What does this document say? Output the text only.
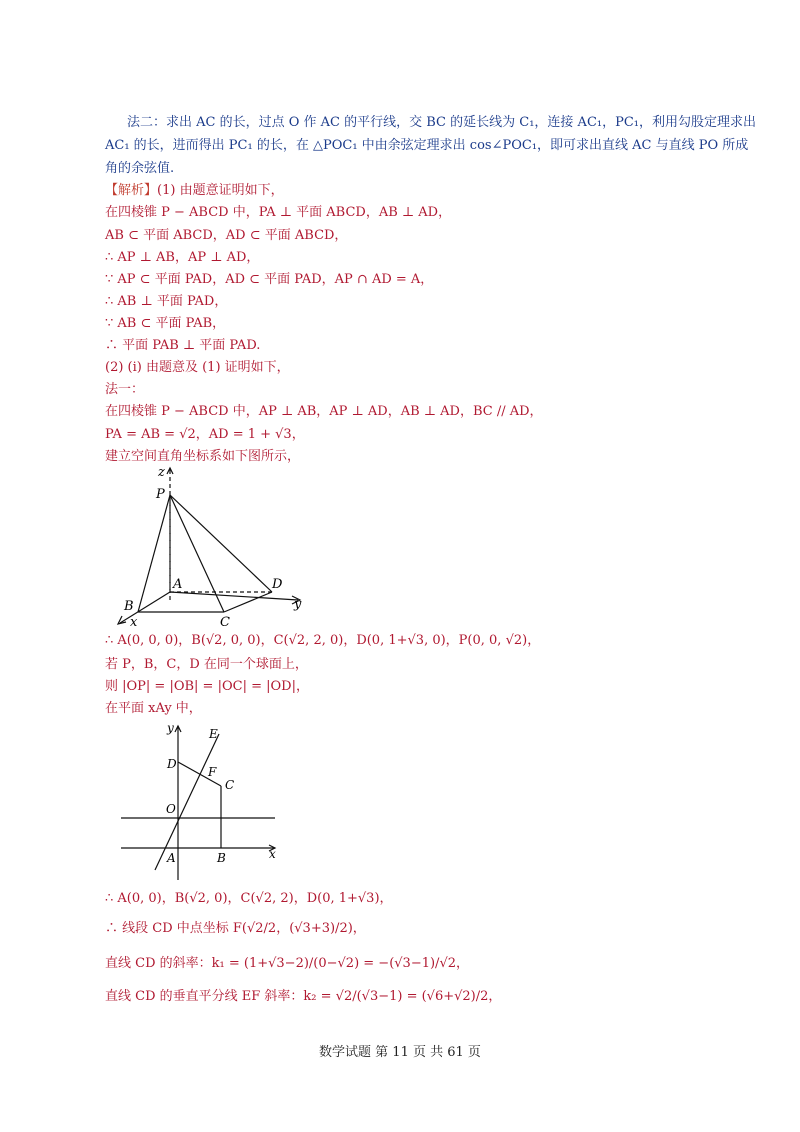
法二：求出 AC 的长，过点 O 作 AC 的平行线，交 BC 的延长线为 C₁，连接 AC₁，PC₁，利用勾股定理求出
AC₁ 的长，进而得出 PC₁ 的长，在 △POC₁ 中由余弦定理求出 cos∠POC₁，即可求出直线 AC 与直线 PO 所成
角的余弦值.
【解析】(1) 由题意证明如下，
在四棱锥 P − ABCD 中，PA ⊥ 平面 ABCD，AB ⊥ AD，
AB ⊂ 平面 ABCD，AD ⊂ 平面 ABCD，
∴ AP ⊥ AB，AP ⊥ AD，
∵ AP ⊂ 平面 PAD，AD ⊂ 平面 PAD，AP ∩ AD = A，
∴ AB ⊥ 平面 PAD，
∵ AB ⊂ 平面 PAB，
∴ 平面 PAB ⊥ 平面 PAD.
(2) (i) 由题意及 (1) 证明如下，
法一：
在四棱锥 P − ABCD 中，AP ⊥ AB，AP ⊥ AD，AB ⊥ AD，BC // AD，
PA = AB = √2，AD = 1 + √3，
建立空间直角坐标系如下图所示，
z
P
A
B
C
D
y
x
∴ A(0, 0, 0)，B(√2, 0, 0)，C(√2, 2, 0)，D(0, 1+√3, 0)，P(0, 0, √2)，
若 P，B，C，D 在同一个球面上，
则 |OP| = |OB| = |OC| = |OD|，
在平面 xAy 中，
y	E
D
F
C
O
A	B	x
∴ A(0, 0)，B(√2, 0)，C(√2, 2)，D(0, 1+√3)，
∴ 线段 CD 中点坐标 F(√2/2，(√3+3)/2)，
直线 CD 的斜率：k₁ = (1+√3−2)/(0−√2) = −(√3−1)/√2，
直线 CD 的垂直平分线 EF 斜率：k₂ = √2/(√3−1) = (√6+√2)/2，
数学试题 第 11 页 共 61 页
